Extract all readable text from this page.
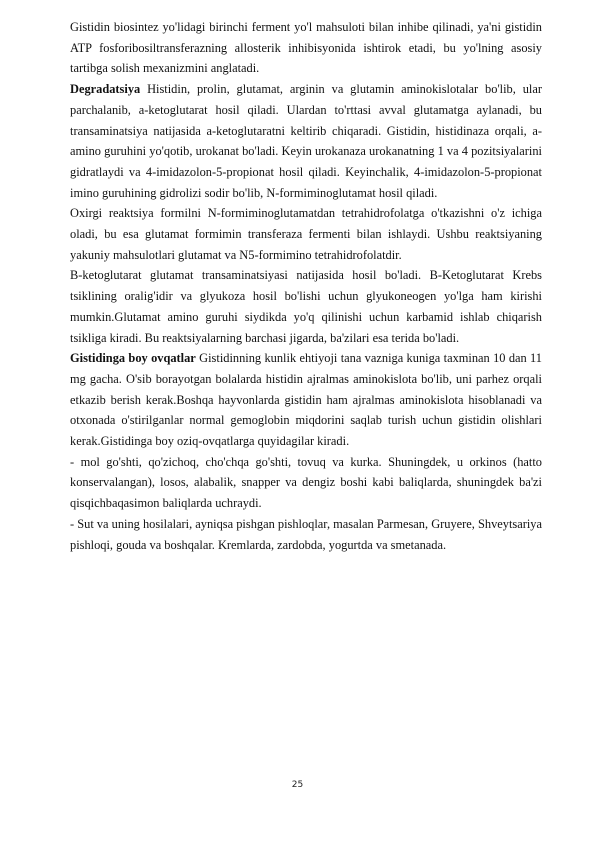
Gistidin biosintez yo'lidagi birinchi ferment yo'l mahsuloti bilan inhibe qilinadi, ya'ni gistidin ATP fosforibosiltransferazning allosterik inhibisyonida ishtirok etadi, bu yo'lning asosiy tartibga solish mexanizmini anglatadi.

Degradatsiya Histidin, prolin, glutamat, arginin va glutamin aminokislotalar bo'lib, ular parchalanib, a-ketoglutarat hosil qiladi. Ulardan to'rttasi avval glutamatga aylanadi, bu transaminatsiya natijasida a-ketoglutaratni keltirib chiqaradi. Gistidin, histidinaza orqali, a-amino guruhini yo'qotib, urokanat bo'ladi. Keyin urokanaza urokanatning 1 va 4 pozitsiyalarini gidratlaydi va 4-imidazolon-5-propionat hosil qiladi. Keyinchalik, 4-imidazolon-5-propionat imino guruhining gidrolizi sodir bo'lib, N-formiminoglutamat hosil qiladi.

Oxirgi reaktsiya formilni N-formiminoglutamatdan tetrahidrofolatga o'tkazishni o'z ichiga oladi, bu esa glutamat formimin transferaza fermenti bilan ishlaydi. Ushbu reaktsiyaning yakuniy mahsulotlari glutamat va N5-formimino tetrahidrofolatdir.

B-ketoglutarat glutamat transaminatsiyasi natijasida hosil bo'ladi. B-Ketoglutarat Krebs tsiklining oralig'idir va glyukoza hosil bo'lishi uchun glyukoneogen yo'lga ham kirishi mumkin.Glutamat amino guruhi siydikda yo'q qilinishi uchun karbamid ishlab chiqarish tsikliga kiradi. Bu reaktsiyalarning barchasi jigarda, ba'zilari esa terida bo'ladi.

Gistidinga boy ovqatlar Gistidinning kunlik ehtiyoji tana vazniga kuniga taxminan 10 dan 11 mg gacha. O'sib borayotgan bolalarda histidin ajralmas aminokislota bo'lib, uni parhez orqali etkazib berish kerak.Boshqa hayvonlarda gistidin ham ajralmas aminokislota hisoblanadi va otxonada o'stirilganlar normal gemoglobin miqdorini saqlab turish uchun gistidin olishlari kerak.Gistidinga boy oziq-ovqatlarga quyidagilar kiradi.

- mol go'shti, qo'zichoq, cho'chqa go'shti, tovuq va kurka. Shuningdek, u orkinos (hatto konservalangan), losos, alabalik, snapper va dengiz boshi kabi baliqlarda, shuningdek ba'zi qisqichbaqasimon baliqlarda uchraydi.

- Sut va uning hosilalari, ayniqsa pishgan pishloqlar, masalan Parmesan, Gruyere, Shveytsariya pishloqi, gouda va boshqalar. Kremlarda, zardobda, yogurtda va smetanada.

25
